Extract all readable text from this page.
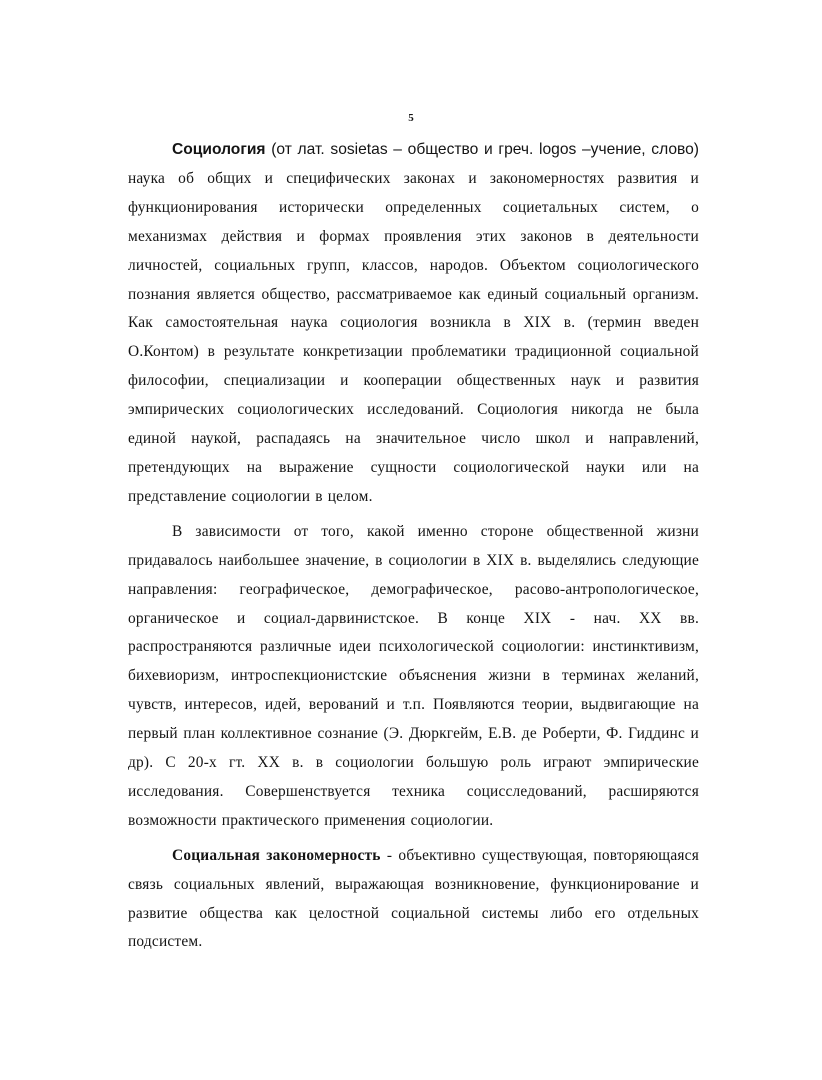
5

Социология (от лат. sosietas – общество и греч. logos –учение, слово) наука об общих и специфических законах и закономерностях развития и функционирования исторически определенных социетальных систем, о механизмах действия и формах проявления этих законов в деятельности личностей, социальных групп, классов, народов. Объектом социологического познания является общество, рассматриваемое как единый социальный организм. Как самостоятельная наука социология возникла в XIX в. (термин введен О.Контом) в результате конкретизации проблематики традиционной социальной философии, специализации и кооперации общественных наук и развития эмпирических социологических исследований. Социология никогда не была единой наукой, распадаясь на значительное число школ и направлений, претендующих на выражение сущности социологической науки или на представление социологии в целом.

В зависимости от того, какой именно стороне общественной жизни придавалось наибольшее значение, в социологии в XIX в. выделялись следующие направления: географическое, демографическое, расово-антропологическое, органическое и социал-дарвинистское. В конце XIX - нач. XX вв. распространяются различные идеи психологической социологии: инстинктивизм, бихевиоризм, интроспекционистские объяснения жизни в терминах желаний, чувств, интересов, идей, верований и т.п. Появляются теории, выдвигающие на первый план коллективное сознание (Э. Дюркгейм, Е.В. де Роберти, Ф. Гиддинс и др). С 20-х гт. XX в. в социологии большую роль играют эмпирические исследования. Совершенствуется техника социсследований, расширяются возможности практического применения социологии.

Социальная закономерность - объективно существующая, повторяющаяся связь социальных явлений, выражающая возникновение, функционирование и развитие общества как целостной социальной системы либо его отдельных подсистем.
